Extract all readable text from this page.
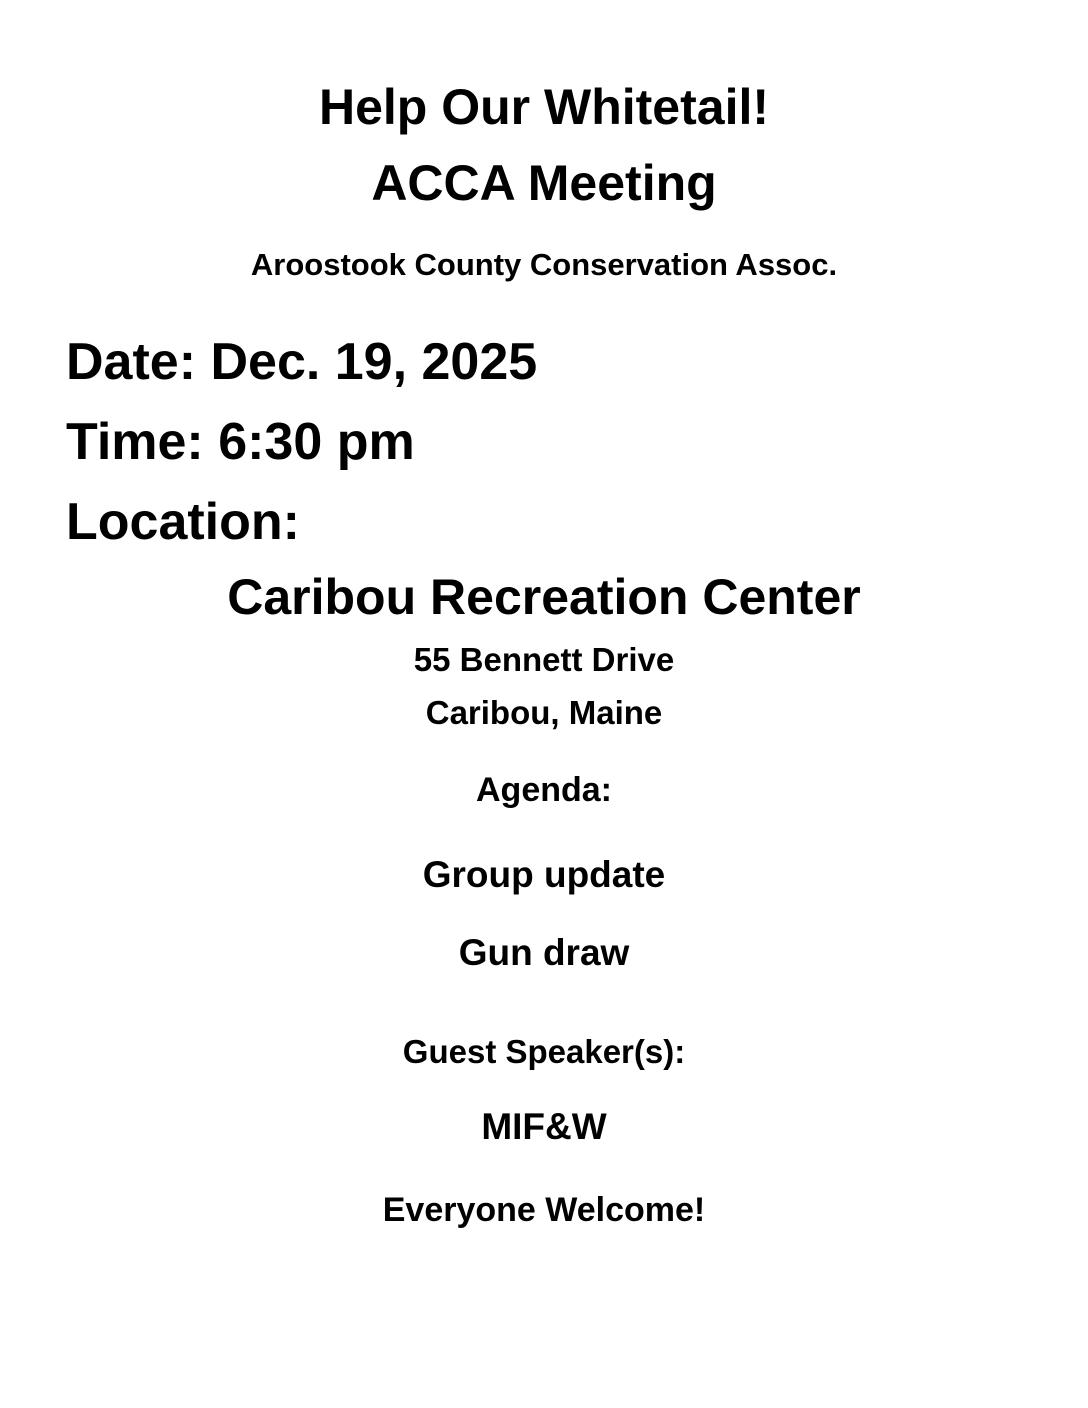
Help Our Whitetail!
ACCA Meeting

Aroostook County Conservation Assoc.

Date: Dec. 19, 2025

Time: 6:30 pm

Location:

Caribou Recreation Center

55 Bennett Drive

Caribou, Maine

Agenda:

Group update

Gun draw

Guest Speaker(s):

MIF&W

Everyone Welcome!
